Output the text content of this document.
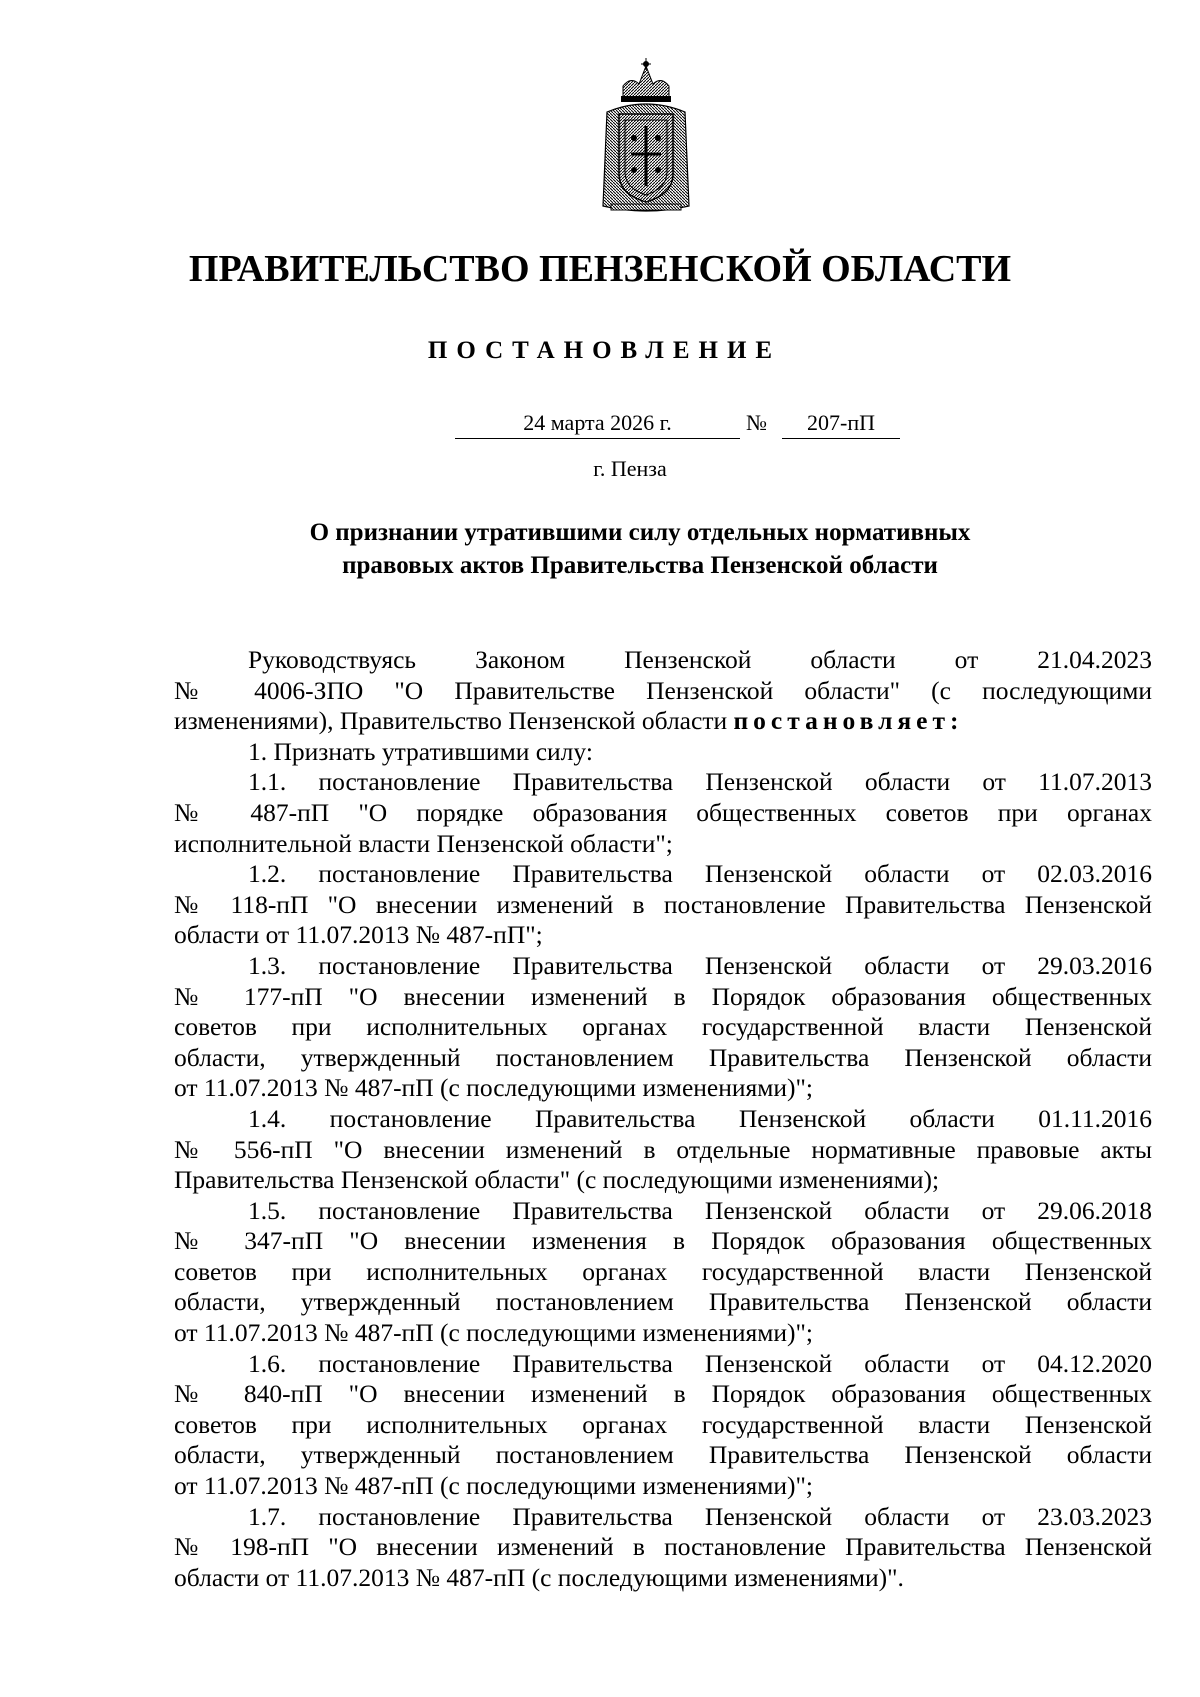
ПРАВИТЕЛЬСТВО ПЕНЗЕНСКОЙ ОБЛАСТИ
ПОСТАНОВЛЕНИЕ
24 марта 2026 г.	№	207-пП
г. Пенза
О признании утратившими силу отдельных нормативных
правовых актов Правительства Пензенской области
Руководствуясь Законом Пензенской области от 21.04.2023
№ 4006-ЗПО "О Правительстве Пензенской области" (с последующими
изменениями), Правительство Пензенской области постановляет:
1. Признать утратившими силу:
1.1. постановление Правительства Пензенской области от 11.07.2013
№ 487-пП "О порядке образования общественных советов при органах
исполнительной власти Пензенской области";
1.2. постановление Правительства Пензенской области от 02.03.2016
№ 118-пП "О внесении изменений в постановление Правительства Пензенской
области от 11.07.2013 № 487-пП";
1.3. постановление Правительства Пензенской области от 29.03.2016
№ 177-пП "О внесении изменений в Порядок образования общественных
советов при исполнительных органах государственной власти Пензенской
области, утвержденный постановлением Правительства Пензенской области
от 11.07.2013 № 487-пП (с последующими изменениями)";
1.4. постановление Правительства Пензенской области 01.11.2016
№ 556-пП "О внесении изменений в отдельные нормативные правовые акты
Правительства Пензенской области" (с последующими изменениями);
1.5. постановление Правительства Пензенской области от 29.06.2018
№ 347-пП "О внесении изменения в Порядок образования общественных
советов при исполнительных органах государственной власти Пензенской
области, утвержденный постановлением Правительства Пензенской области
от 11.07.2013 № 487-пП (с последующими изменениями)";
1.6. постановление Правительства Пензенской области от 04.12.2020
№ 840-пП "О внесении изменений в Порядок образования общественных
советов при исполнительных органах государственной власти Пензенской
области, утвержденный постановлением Правительства Пензенской области
от 11.07.2013 № 487-пП (с последующими изменениями)";
1.7. постановление Правительства Пензенской области от 23.03.2023
№ 198-пП "О внесении изменений в постановление Правительства Пензенской
области от 11.07.2013 № 487-пП (с последующими изменениями)".
